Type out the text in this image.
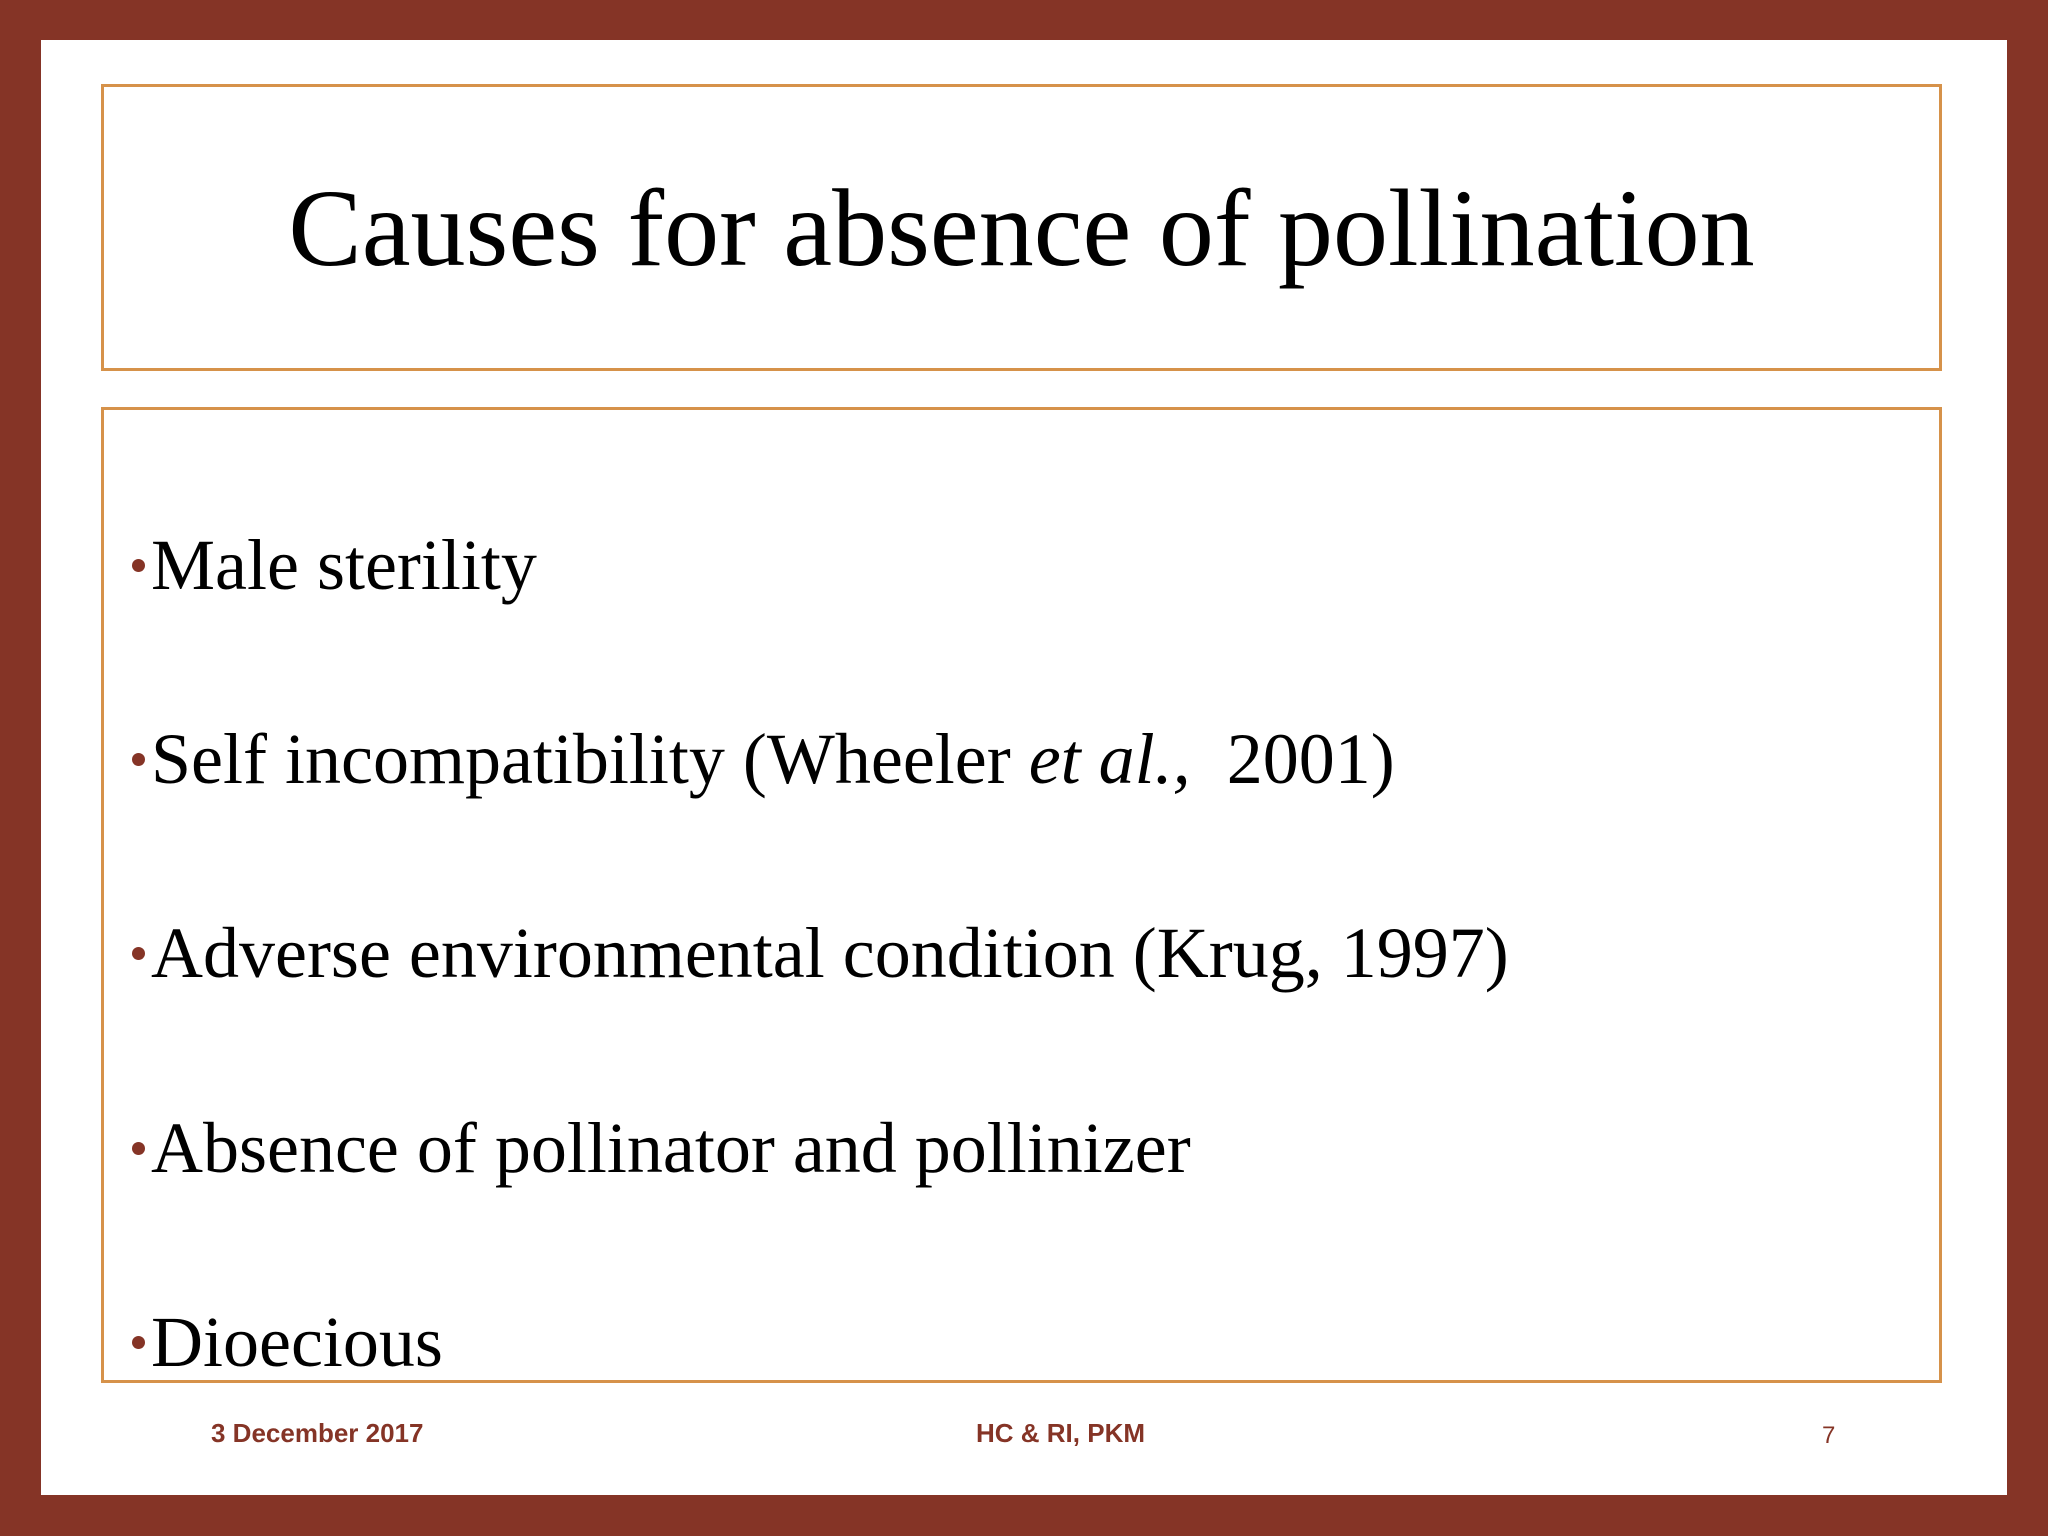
Causes for absence of pollination
Male sterility
Self incompatibility (Wheeler et al.,  2001)
Adverse environmental condition (Krug, 1997)
Absence of pollinator and pollinizer
Dioecious
3 December 2017	HC & RI, PKM	7
